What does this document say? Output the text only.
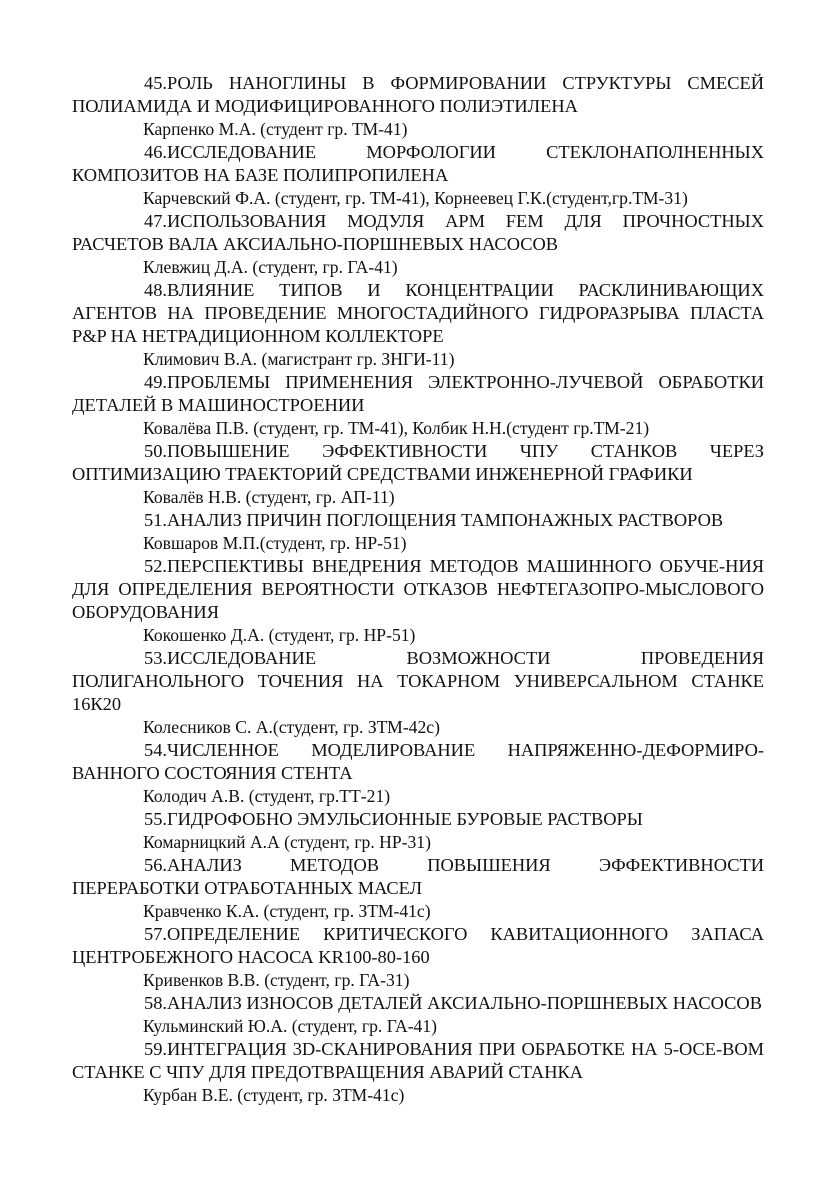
45.РОЛЬ НАНОГЛИНЫ В ФОРМИРОВАНИИ СТРУКТУРЫ СМЕСЕЙ ПОЛИАМИДА И МОДИФИЦИРОВАННОГО ПОЛИЭТИЛЕНА

Карпенко М.А. (студент гр. ТМ-41)

46.ИССЛЕДОВАНИЕ МОРФОЛОГИИ СТЕКЛОНАПОЛНЕННЫХ КОМПОЗИТОВ НА БАЗЕ ПОЛИПРОПИЛЕНА

Карчевский Ф.А. (студент, гр. ТМ-41), Корнеевец Г.К.(студент,гр.ТМ-31)

47.ИСПОЛЬЗОВАНИЯ МОДУЛЯ APM FEM ДЛЯ ПРОЧНОСТНЫХ РАСЧЕТОВ ВАЛА АКСИАЛЬНО-ПОРШНЕВЫХ НАСОСОВ

Клевжиц Д.А. (студент, гр. ГА-41)

48.ВЛИЯНИЕ ТИПОВ И КОНЦЕНТРАЦИИ РАСКЛИНИВАЮЩИХ АГЕНТОВ НА ПРОВЕДЕНИЕ МНОГОСТАДИЙНОГО ГИДРОРАЗРЫВА ПЛАСТА P&P НА НЕТРАДИЦИОННОМ КОЛЛЕКТОРЕ

Климович В.А. (магистрант гр. ЗНГИ-11)

49.ПРОБЛЕМЫ ПРИМЕНЕНИЯ ЭЛЕКТРОННО-ЛУЧЕВОЙ ОБРАБОТКИ ДЕТАЛЕЙ В МАШИНОСТРОЕНИИ

Ковалёва П.В. (студент, гр. ТМ-41), Колбик Н.Н.(студент гр.ТМ-21)

50.ПОВЫШЕНИЕ ЭФФЕКТИВНОСТИ ЧПУ СТАНКОВ ЧЕРЕЗ ОПТИМИЗАЦИЮ ТРАЕКТОРИЙ СРЕДСТВАМИ ИНЖЕНЕРНОЙ ГРАФИКИ

Ковалёв Н.В. (студент, гр. АП-11)

51.АНАЛИЗ ПРИЧИН ПОГЛОЩЕНИЯ ТАМПОНАЖНЫХ РАСТВОРОВ

Ковшаров М.П.(студент, гр. НР-51)

52.ПЕРСПЕКТИВЫ ВНЕДРЕНИЯ МЕТОДОВ МАШИННОГО ОБУЧЕ-НИЯ ДЛЯ ОПРЕДЕЛЕНИЯ ВЕРОЯТНОСТИ ОТКАЗОВ НЕФТЕГАЗОПРО-МЫСЛОВОГО ОБОРУДОВАНИЯ

Кокошенко Д.А. (студент, гр. НР-51)

53.ИССЛЕДОВАНИЕ ВОЗМОЖНОСТИ ПРОВЕДЕНИЯ ПОЛИГАНОЛЬНОГО ТОЧЕНИЯ НА ТОКАРНОМ УНИВЕРСАЛЬНОМ СТАНКЕ 16К20

Колесников С. А.(студент, гр. ЗТМ-42с)

54.ЧИСЛЕННОЕ МОДЕЛИРОВАНИЕ НАПРЯЖЕННО-ДЕФОРМИРО-ВАННОГО СОСТОЯНИЯ СТЕНТА

Колодич А.В. (студент, гр.ТТ-21)

55.ГИДРОФОБНО ЭМУЛЬСИОННЫЕ БУРОВЫЕ РАСТВОРЫ

Комарницкий А.А (студент, гр. НР-31)

56.АНАЛИЗ МЕТОДОВ ПОВЫШЕНИЯ ЭФФЕКТИВНОСТИ ПЕРЕРАБОТКИ ОТРАБОТАННЫХ МАСЕЛ

Кравченко К.А. (студент, гр. ЗТМ-41с)

57.ОПРЕДЕЛЕНИЕ КРИТИЧЕСКОГО КАВИТАЦИОННОГО ЗАПАСА ЦЕНТРОБЕЖНОГО НАСОСА KR100-80-160

Кривенков В.В. (студент, гр. ГА-31)

58.АНАЛИЗ ИЗНОСОВ ДЕТАЛЕЙ АКСИАЛЬНО-ПОРШНЕВЫХ НАСОСОВ

Кульминский Ю.А. (студент, гр. ГА-41)

59.ИНТЕГРАЦИЯ 3D-СКАНИРОВАНИЯ ПРИ ОБРАБОТКЕ НА 5-ОСЕ-ВОМ СТАНКЕ С ЧПУ ДЛЯ ПРЕДОТВРАЩЕНИЯ АВАРИЙ СТАНКА

Курбан В.Е. (студент, гр. ЗТМ-41с)
